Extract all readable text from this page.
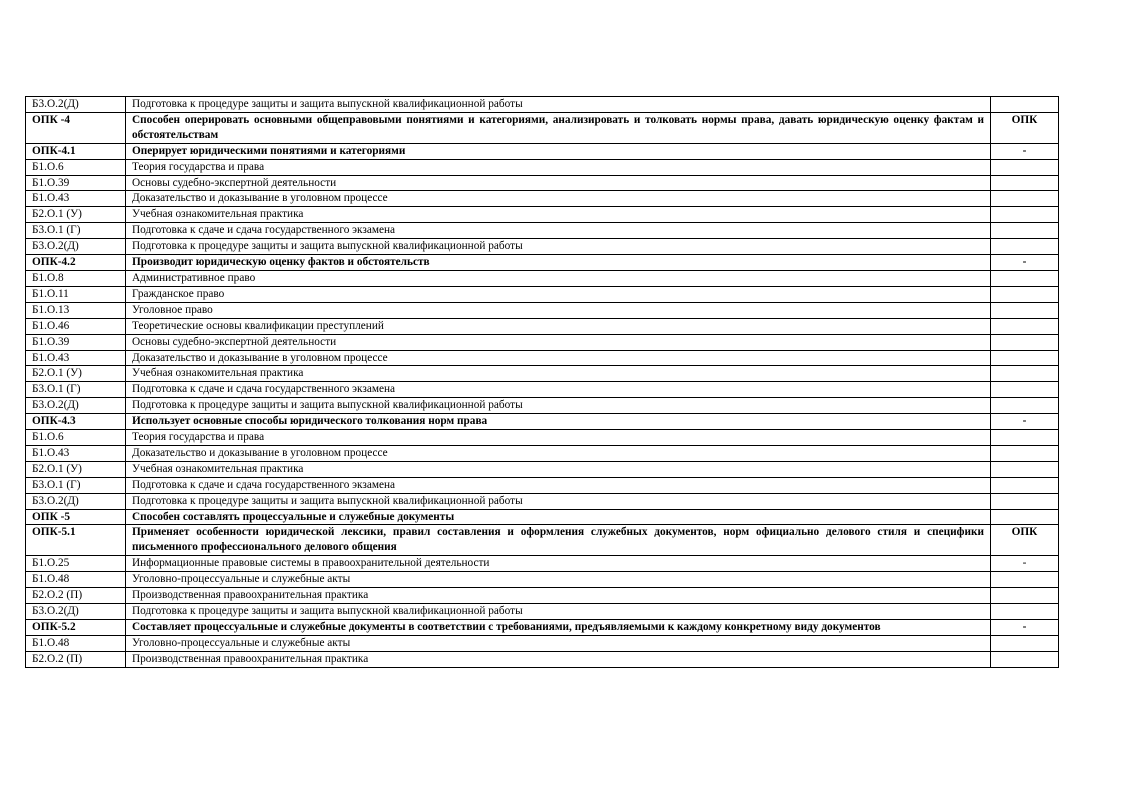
Б3.О.2(Д)	Подготовка к процедуре защиты и защита выпускной квалификационной работы	
ОПК -4	Способен оперировать основными общеправовыми понятиями и категориями, анализировать и толковать нормы права, давать юридическую оценку фактам и обстоятельствам	ОПК
ОПК-4.1	Оперирует юридическими понятиями и категориями	-
Б1.О.6	Теория государства и права	
Б1.О.39	Основы судебно-экспертной деятельности	
Б1.О.43	Доказательство и доказывание в уголовном процессе	
Б2.О.1 (У)	Учебная ознакомительная практика	
Б3.О.1 (Г)	Подготовка к сдаче и сдача государственного экзамена	
Б3.О.2(Д)	Подготовка к процедуре защиты и защита выпускной квалификационной работы	
ОПК-4.2	Производит юридическую оценку фактов и обстоятельств	-
Б1.О.8	Административное право	
Б1.О.11	Гражданское право	
Б1.О.13	Уголовное право	
Б1.О.46	Теоретические основы квалификации преступлений	
Б1.О.39	Основы судебно-экспертной деятельности	
Б1.О.43	Доказательство и доказывание в уголовном процессе	
Б2.О.1 (У)	Учебная ознакомительная практика	
Б3.О.1 (Г)	Подготовка к сдаче и сдача государственного экзамена	
Б3.О.2(Д)	Подготовка к процедуре защиты и защита выпускной квалификационной работы	
ОПК-4.3	Использует основные способы юридического толкования норм права	-
Б1.О.6	Теория государства и права	
Б1.О.43	Доказательство и доказывание в уголовном процессе	
Б2.О.1 (У)	Учебная ознакомительная практика	
Б3.О.1 (Г)	Подготовка к сдаче и сдача государственного экзамена	
Б3.О.2(Д)	Подготовка к процедуре защиты и защита выпускной квалификационной работы	
ОПК -5	Способен составлять процессуальные и служебные документы	
ОПК-5.1	Применяет особенности юридической лексики, правил составления и оформления служебных документов, норм официально делового стиля и специфики письменного профессионального делового общения	ОПК
Б1.О.25	Информационные правовые системы в правоохранительной деятельности	-
Б1.О.48	Уголовно-процессуальные и служебные акты	
Б2.О.2 (П)	Производственная правоохранительная практика	
Б3.О.2(Д)	Подготовка к процедуре защиты и защита выпускной квалификационной работы	
ОПК-5.2	Составляет процессуальные и служебные документы в соответствии с требованиями, предъявляемыми к каждому конкретному виду документов	-
Б1.О.48	Уголовно-процессуальные и служебные акты	
Б2.О.2 (П)	Производственная правоохранительная практика	
